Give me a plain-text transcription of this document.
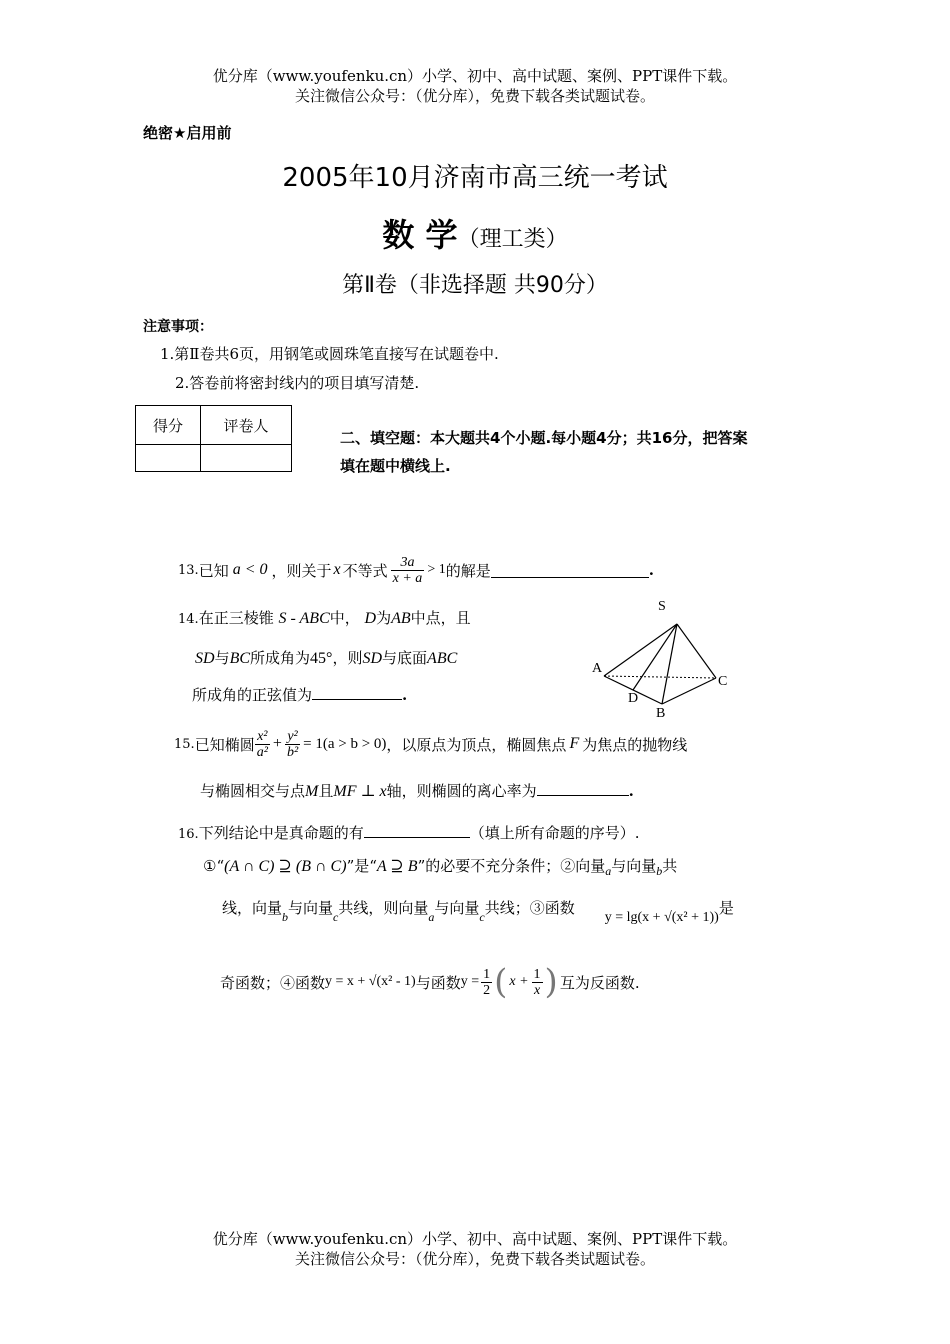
优分库（www.youfenku.cn）小学、初中、高中试题、案例、PPT课件下载。
关注微信公众号：（优分库），免费下载各类试题试卷。
绝密★启用前
2005年10月济南市高三统一考试
数 学（理工类）
第Ⅱ卷（非选择题 共90分）
注意事项：
1.第Ⅱ卷共6页，用钢笔或圆珠笔直接写在试题卷中.
2.答卷前将密封线内的项目填写清楚.
得分	评卷人

二、填空题：本大题共4个小题.每小题4分；共16分，把答案
填在题中横线上.
13. 已知 a < 0 ，则关于 x 不等式 $\frac{3a}{x + a} > 1$ 的解是	.
14.在正三棱锥 S - ABC中， D为AB中点，且
SD与BC所成角为45°，则SD与底面ABC
所成角的正弦值为	.
S
A
C
D
B
15. 已知椭圆 $\frac{\text{x²}}{\text{a²}} + \frac{\text{y²}}{\text{b²}} = 1(a > b > 0)$ ，以原点为顶点，椭圆焦点 F 为焦点的抛物线
与椭圆相交与点M且MF ⊥ x轴，则椭圆的离心率为	.
16.下列结论中是真命题的有	（填上所有命题的序号）.
①“(A ∩ C) ⊇ (B ∩ C)”是“A ⊇ B”的必要不充分条件；②向量$_a$与向量$_b$共
线，向量$_b$与向量$_c$共线，则向量$_a$与向量$_c$共线；③函数y = lg(x + √(x² + 1))是
奇函数；④函数 y = x + √(x² - 1) 与函数 $y = \frac{1}{2}$ ( $x + \frac{1}{x}$ ) 互为反函数.
优分库（www.youfenku.cn）小学、初中、高中试题、案例、PPT课件下载。
关注微信公众号：（优分库），免费下载各类试题试卷。
